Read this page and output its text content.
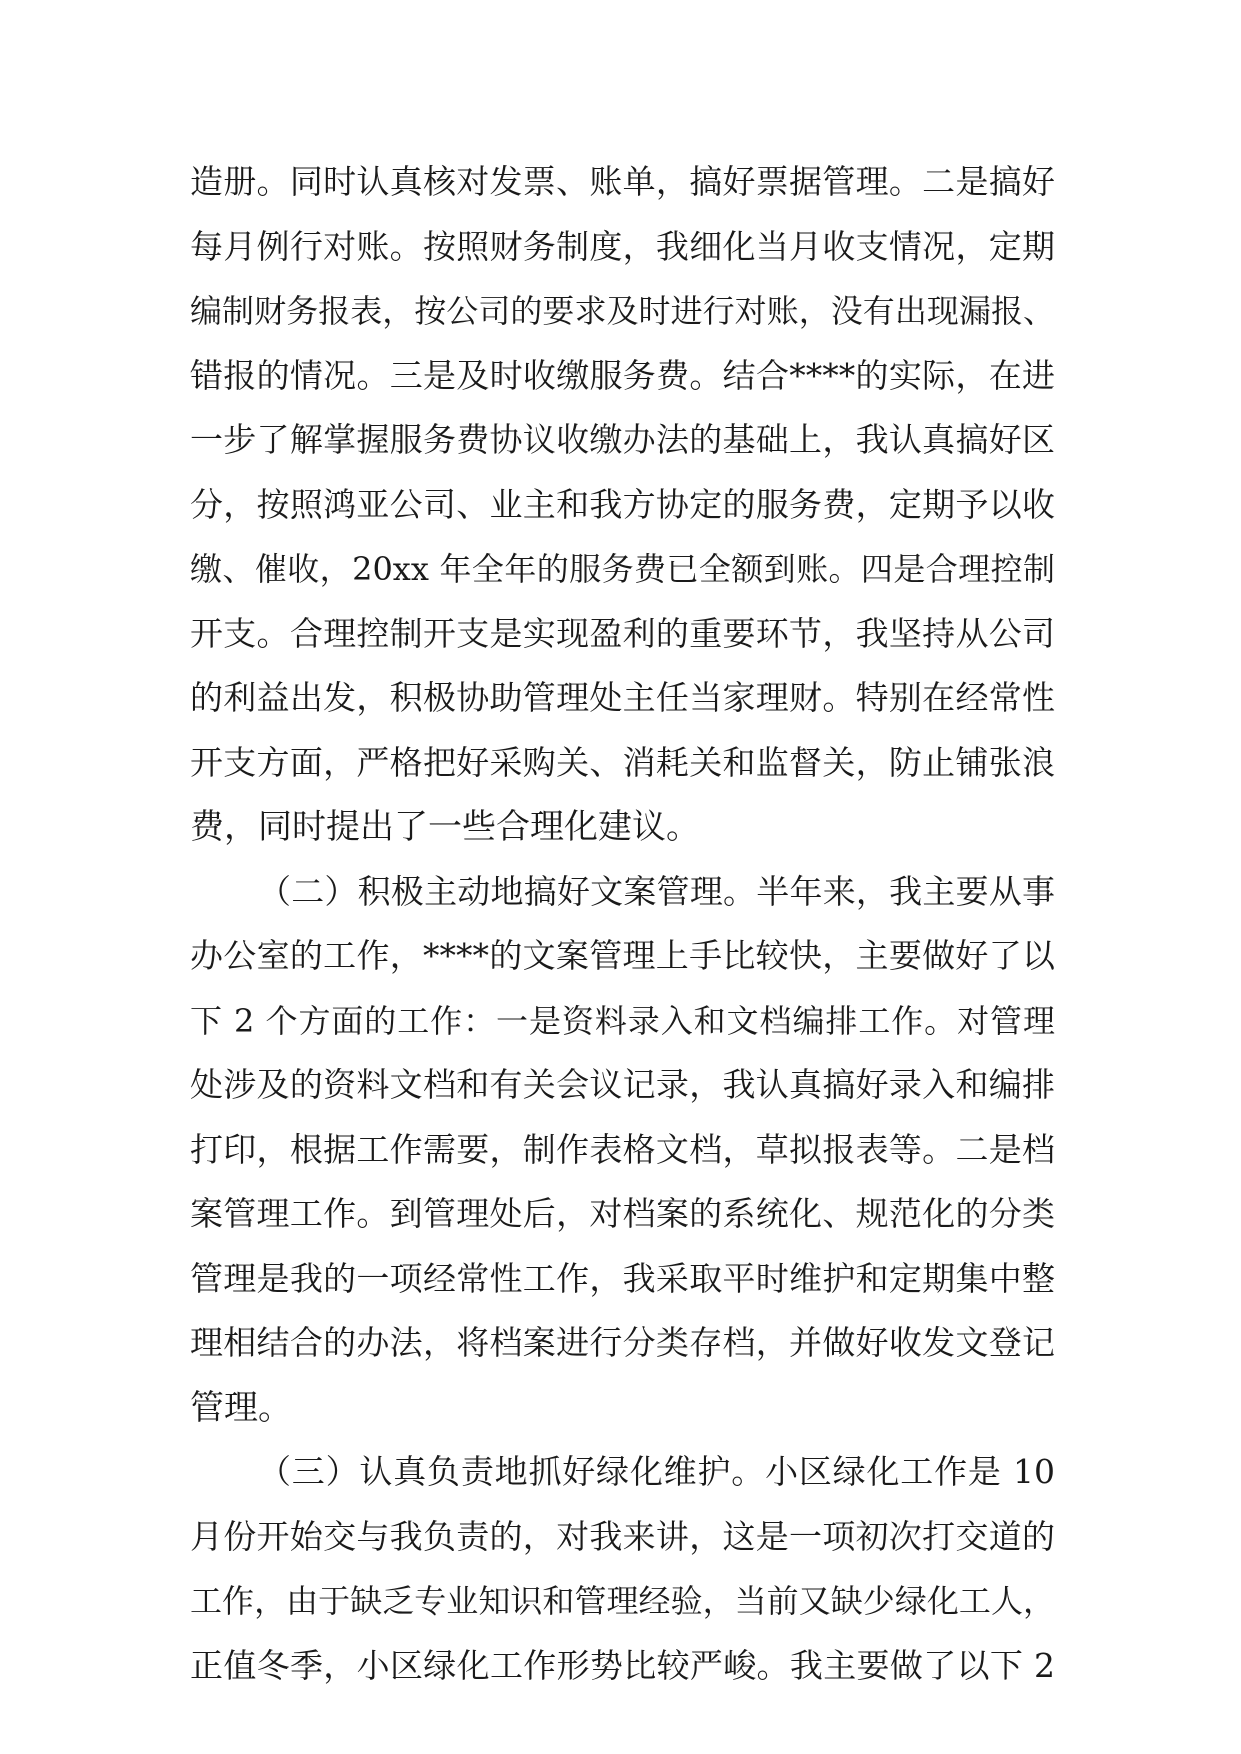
造册。同时认真核对发票、账单，搞好票据管理。二是搞好
每月例行对账。按照财务制度，我细化当月收支情况，定期
编制财务报表，按公司的要求及时进行对账，没有出现漏报、
错报的情况。三是及时收缴服务费。结合****的实际，在进
一步了解掌握服务费协议收缴办法的基础上，我认真搞好区
分，按照鸿亚公司、业主和我方协定的服务费，定期予以收
缴、催收，20xx 年全年的服务费已全额到账。四是合理控制
开支。合理控制开支是实现盈利的重要环节，我坚持从公司
的利益出发，积极协助管理处主任当家理财。特别在经常性
开支方面，严格把好采购关、消耗关和监督关，防止铺张浪
费，同时提出了一些合理化建议。
（二）积极主动地搞好文案管理。半年来，我主要从事
办公室的工作，****的文案管理上手比较快，主要做好了以
下 2 个方面的工作：一是资料录入和文档编排工作。对管理
处涉及的资料文档和有关会议记录，我认真搞好录入和编排
打印，根据工作需要，制作表格文档，草拟报表等。二是档
案管理工作。到管理处后，对档案的系统化、规范化的分类
管理是我的一项经常性工作，我采取平时维护和定期集中整
理相结合的办法，将档案进行分类存档，并做好收发文登记
管理。
（三）认真负责地抓好绿化维护。小区绿化工作是 10
月份开始交与我负责的，对我来讲，这是一项初次打交道的
工作，由于缺乏专业知识和管理经验，当前又缺少绿化工人，
正值冬季，小区绿化工作形势比较严峻。我主要做了以下 2
